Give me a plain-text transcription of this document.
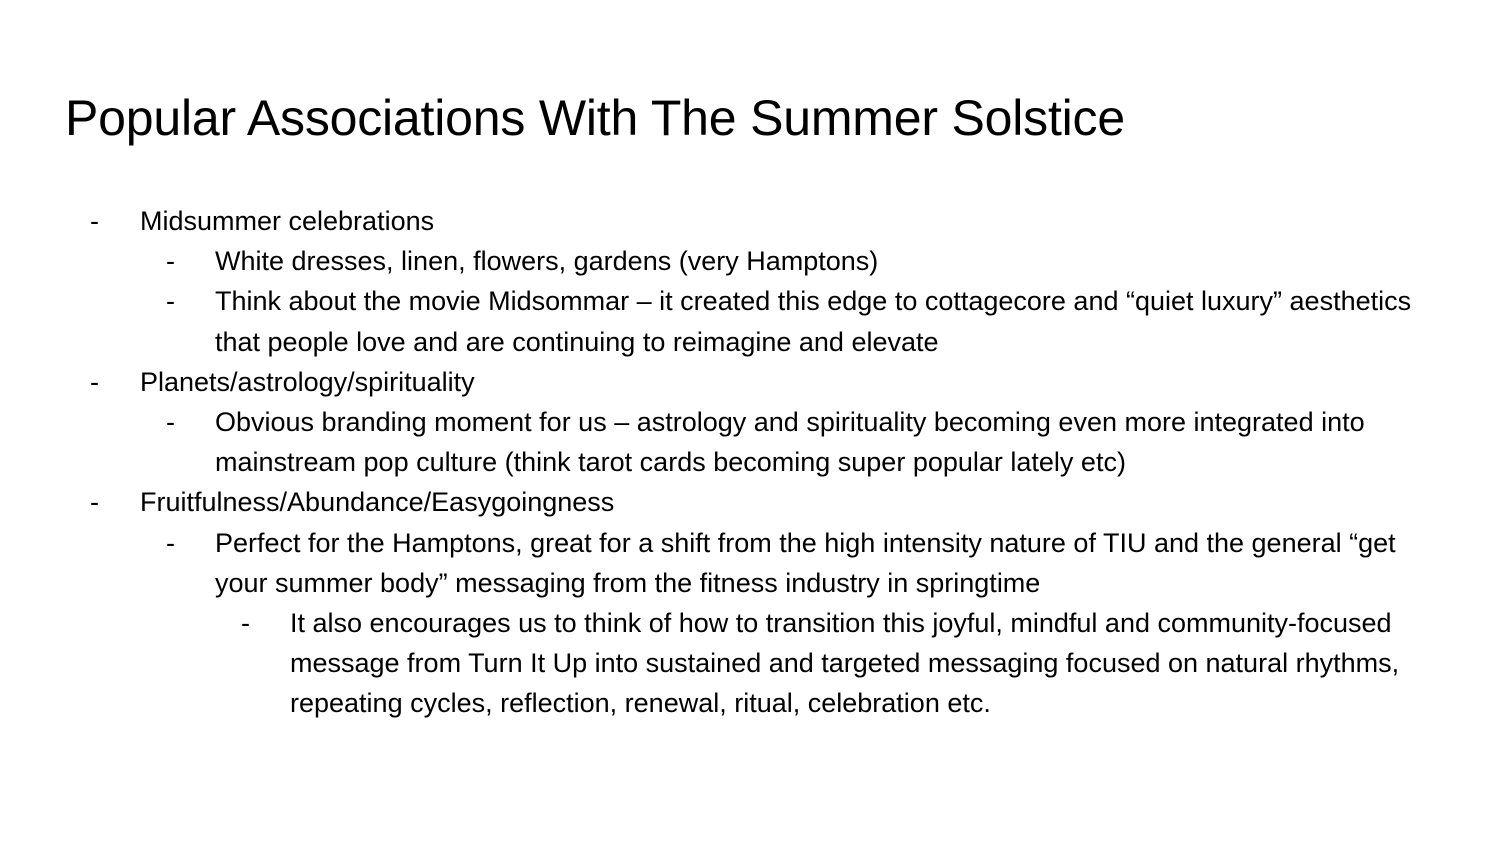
Popular Associations With The Summer Solstice
- Midsummer celebrations
- White dresses, linen, flowers, gardens (very Hamptons)
- Think about the movie Midsommar – it created this edge to cottagecore and “quiet luxury” aesthetics that people love and are continuing to reimagine and elevate
- Planets/astrology/spirituality
- Obvious branding moment for us – astrology and spirituality becoming even more integrated into mainstream pop culture (think tarot cards becoming super popular lately etc)
- Fruitfulness/Abundance/Easygoingness
- Perfect for the Hamptons, great for a shift from the high intensity nature of TIU and the general “get your summer body” messaging from the fitness industry in springtime
- It also encourages us to think of how to transition this joyful, mindful and community-focused message from Turn It Up into sustained and targeted messaging focused on natural rhythms, repeating cycles, reflection, renewal, ritual, celebration etc.
